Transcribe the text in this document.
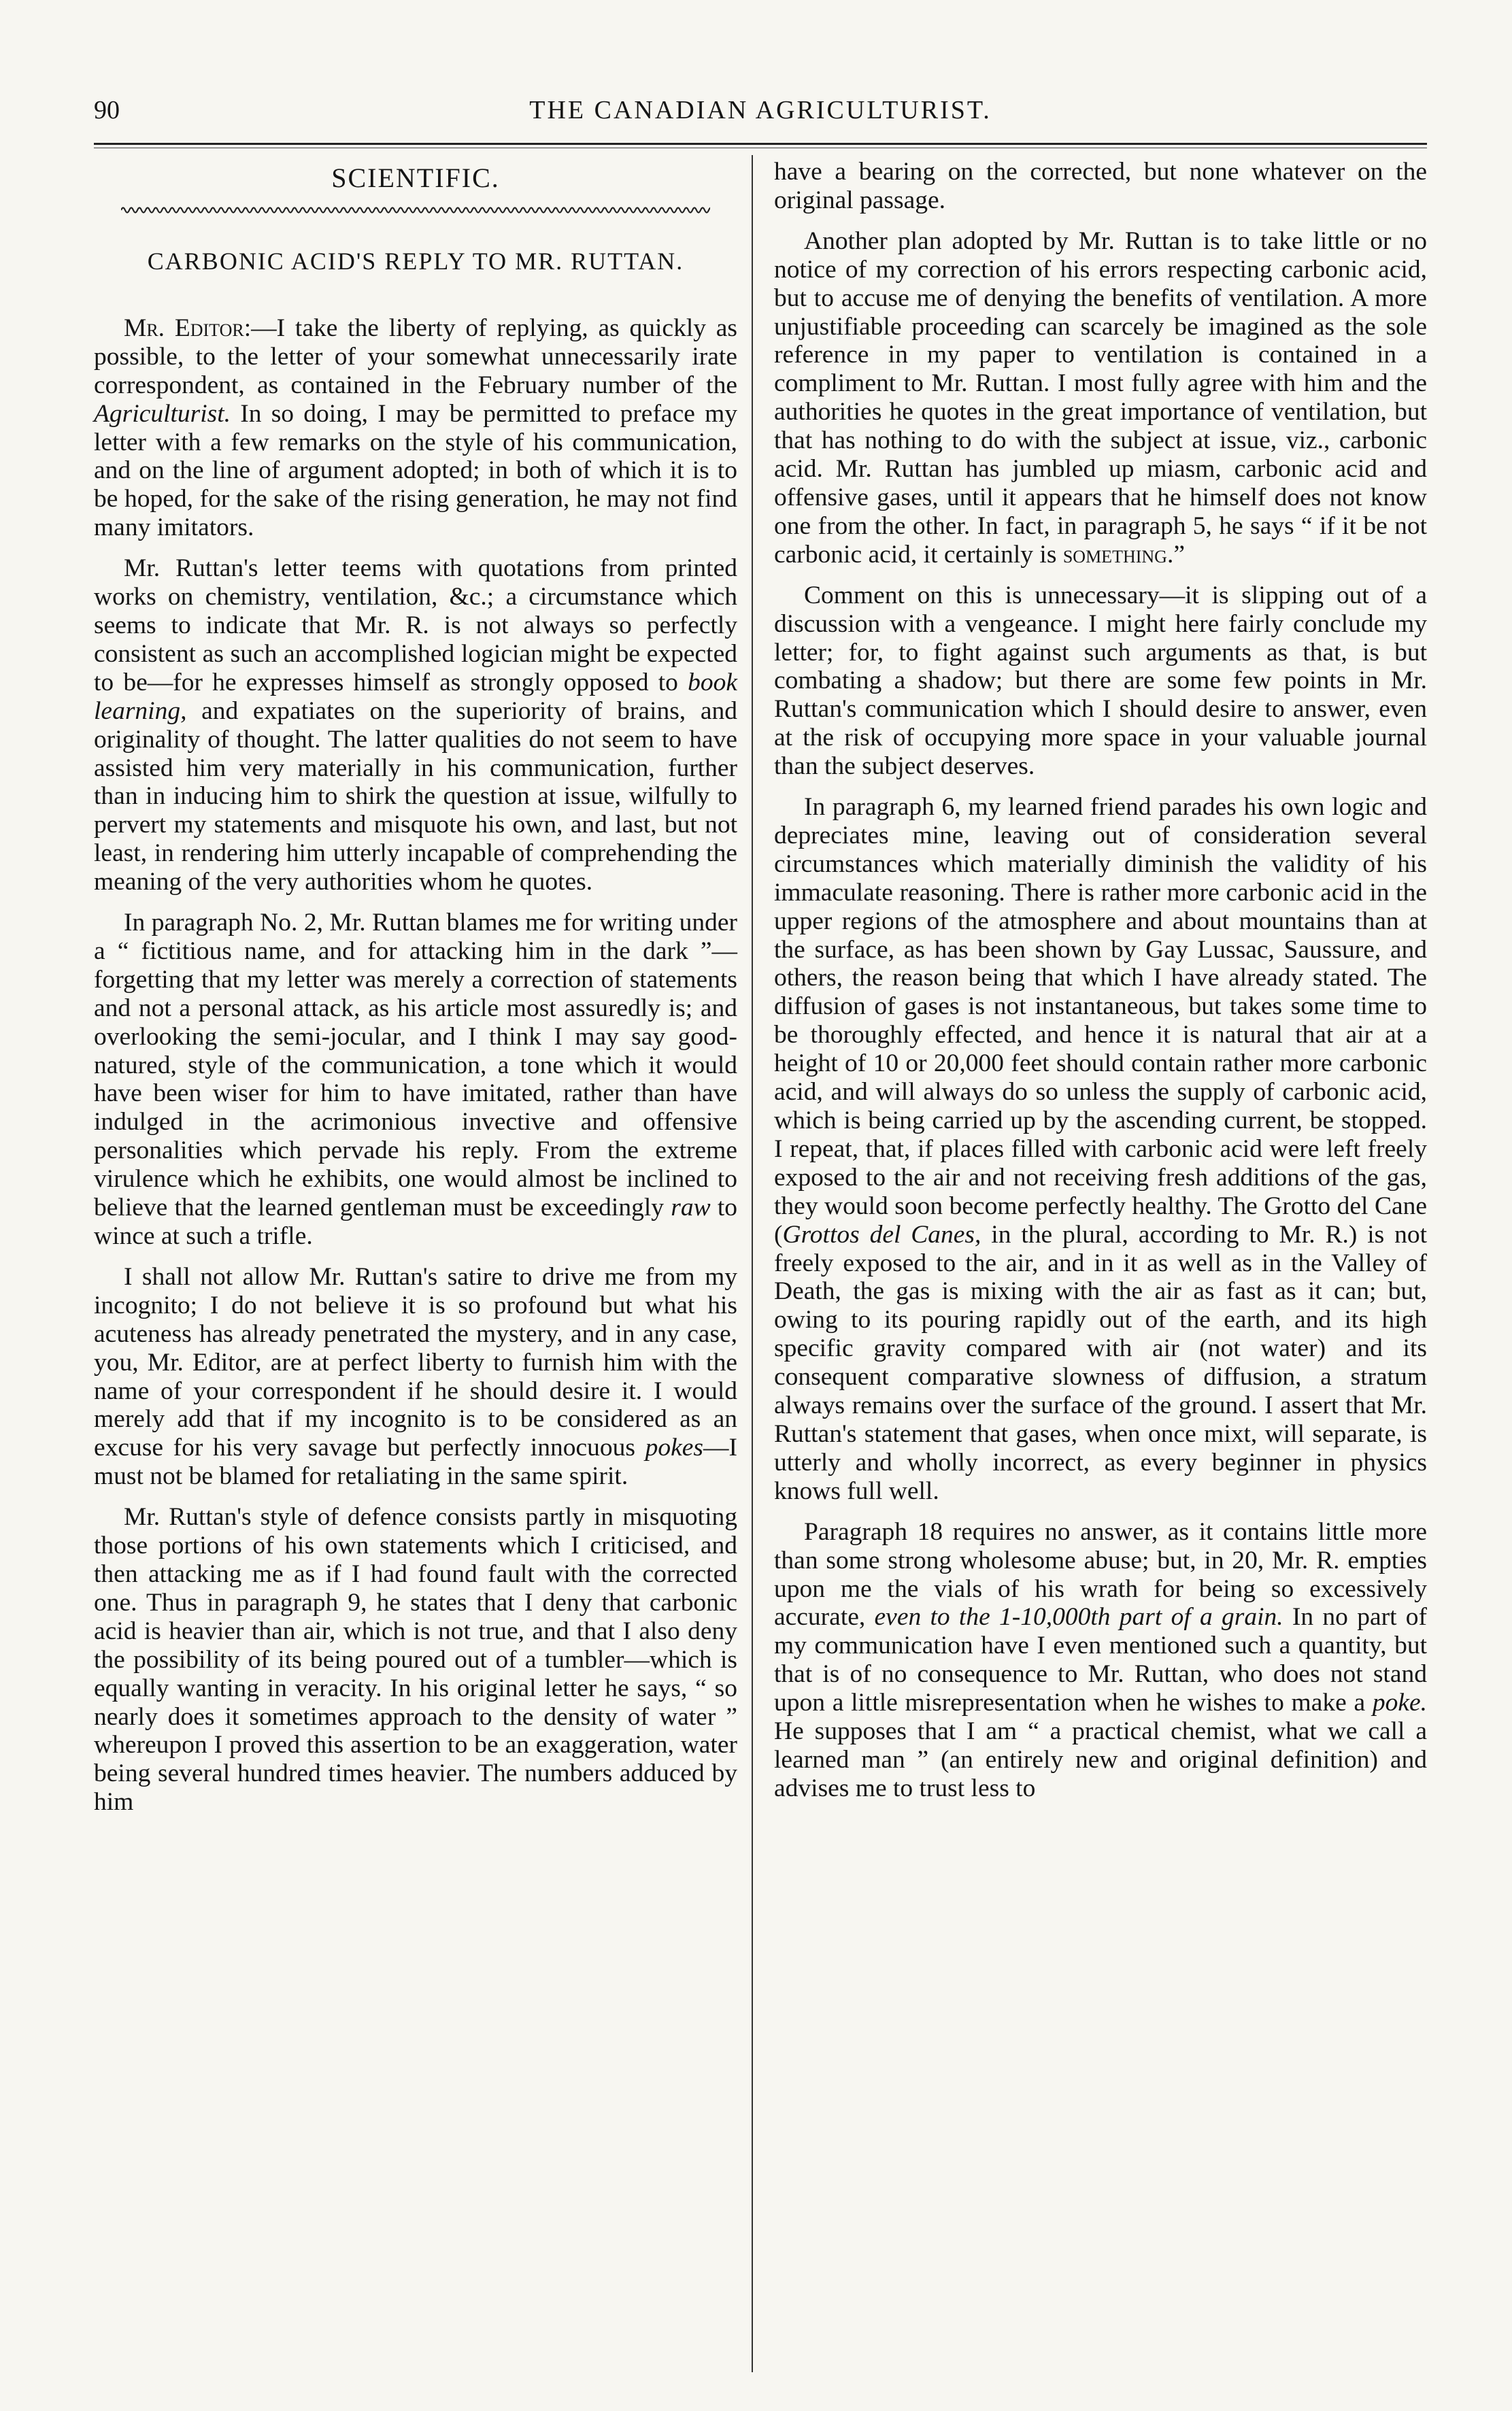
90	THE CANADIAN AGRICULTURIST.
SCIENTIFIC.
CARBONIC ACID'S REPLY TO MR. RUTTAN.

Mr. Editor:—I take the liberty of replying, as quickly as possible, to the letter of your somewhat unnecessarily irate correspondent, as contained in the February number of the Agriculturist. In so doing, I may be permitted to preface my letter with a few remarks on the style of his communication, and on the line of argument adopted; in both of which it is to be hoped, for the sake of the rising generation, he may not find many imitators.

Mr. Ruttan's letter teems with quotations from printed works on chemistry, ventilation, &c.; a circumstance which seems to indicate that Mr. R. is not always so perfectly consistent as such an accomplished logician might be expected to be—for he expresses himself as strongly opposed to book learning, and expatiates on the superiority of brains, and originality of thought. The latter qualities do not seem to have assisted him very materially in his communication, further than in inducing him to shirk the question at issue, wilfully to pervert my statements and misquote his own, and last, but not least, in rendering him utterly incapable of comprehending the meaning of the very authorities whom he quotes.

In paragraph No. 2, Mr. Ruttan blames me for writing under a “ fictitious name, and for attacking him in the dark ”—forgetting that my letter was merely a correction of statements and not a personal attack, as his article most assuredly is; and overlooking the semi-jocular, and I think I may say good-natured, style of the communication, a tone which it would have been wiser for him to have imitated, rather than have indulged in the acrimonious invective and offensive personalities which pervade his reply. From the extreme virulence which he exhibits, one would almost be inclined to believe that the learned gentleman must be exceedingly raw to wince at such a trifle.

I shall not allow Mr. Ruttan's satire to drive me from my incognito; I do not believe it is so profound but what his acuteness has already penetrated the mystery, and in any case, you, Mr. Editor, are at perfect liberty to furnish him with the name of your correspondent if he should desire it. I would merely add that if my incognito is to be considered as an excuse for his very savage but perfectly innocuous pokes—I must not be blamed for retaliating in the same spirit.

Mr. Ruttan's style of defence consists partly in misquoting those portions of his own statements which I criticised, and then attacking me as if I had found fault with the corrected one. Thus in paragraph 9, he states that I deny that carbonic acid is heavier than air, which is not true, and that I also deny the possibility of its being poured out of a tumbler—which is equally wanting in veracity. In his original letter he says, “ so nearly does it sometimes approach to the density of water ” whereupon I proved this assertion to be an exaggeration, water being several hundred times heavier. The numbers adduced by him

have a bearing on the corrected, but none whatever on the original passage.

Another plan adopted by Mr. Ruttan is to take little or no notice of my correction of his errors respecting carbonic acid, but to accuse me of denying the benefits of ventilation. A more unjustifiable proceeding can scarcely be imagined as the sole reference in my paper to ventilation is contained in a compliment to Mr. Ruttan. I most fully agree with him and the authorities he quotes in the great importance of ventilation, but that has nothing to do with the subject at issue, viz., carbonic acid. Mr. Ruttan has jumbled up miasm, carbonic acid and offensive gases, until it appears that he himself does not know one from the other. In fact, in paragraph 5, he says “ if it be not carbonic acid, it certainly is something.”

Comment on this is unnecessary—it is slipping out of a discussion with a vengeance. I might here fairly conclude my letter; for, to fight against such arguments as that, is but combating a shadow; but there are some few points in Mr. Ruttan's communication which I should desire to answer, even at the risk of occupying more space in your valuable journal than the subject deserves.

In paragraph 6, my learned friend parades his own logic and depreciates mine, leaving out of consideration several circumstances which materially diminish the validity of his immaculate reasoning. There is rather more carbonic acid in the upper regions of the atmosphere and about mountains than at the surface, as has been shown by Gay Lussac, Saussure, and others, the reason being that which I have already stated. The diffusion of gases is not instantaneous, but takes some time to be thoroughly effected, and hence it is natural that air at a height of 10 or 20,000 feet should contain rather more carbonic acid, and will always do so unless the supply of carbonic acid, which is being carried up by the ascending current, be stopped. I repeat, that, if places filled with carbonic acid were left freely exposed to the air and not receiving fresh additions of the gas, they would soon become perfectly healthy. The Grotto del Cane (Grottos del Canes, in the plural, according to Mr. R.) is not freely exposed to the air, and in it as well as in the Valley of Death, the gas is mixing with the air as fast as it can; but, owing to its pouring rapidly out of the earth, and its high specific gravity compared with air (not water) and its consequent comparative slowness of diffusion, a stratum always remains over the surface of the ground. I assert that Mr. Ruttan's statement that gases, when once mixt, will separate, is utterly and wholly incorrect, as every beginner in physics knows full well.

Paragraph 18 requires no answer, as it contains little more than some strong wholesome abuse; but, in 20, Mr. R. empties upon me the vials of his wrath for being so excessively accurate, even to the 1-10,000th part of a grain. In no part of my communication have I even mentioned such a quantity, but that is of no consequence to Mr. Ruttan, who does not stand upon a little misrepresentation when he wishes to make a poke. He supposes that I am “ a practical chemist, what we call a learned man ” (an entirely new and original definition) and advises me to trust less to
